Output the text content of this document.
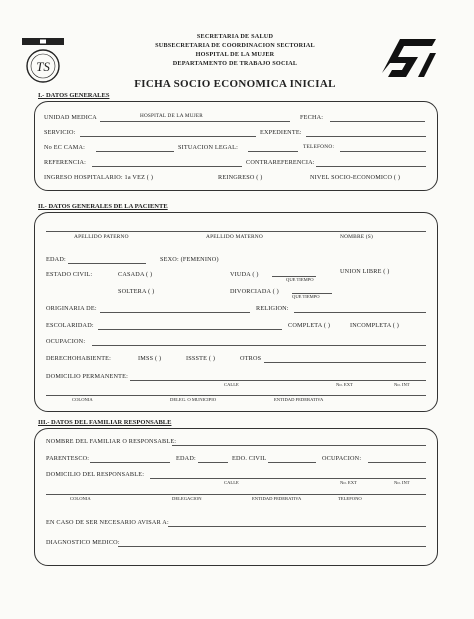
TS
SECRETARIA DE SALUD
SUBSECRETARIA DE COORDINACION SECTORIAL
HOSPITAL DE LA MUJER
DEPARTAMENTO DE TRABAJO SOCIAL
FICHA SOCIO ECONOMICA INICIAL
I.- DATOS GENERALES
UNIDAD MEDICA	HOSPITAL DE LA MUJER	FECHA:
SERVICIO:	EXPEDIENTE:
No EC CAMA:	SITUACION LEGAL:	TELEFONO:
REFERENCIA:	CONTRAREFERENCIA:
INGRESO HOSPITALARIO: 1a VEZ ( )	REINGRESO ( )	NIVEL SOCIO-ECONOMICO ( )
II.- DATOS GENERALES DE LA PACIENTE
APELLIDO PATERNO	APELLIDO MATERNO	NOMBRE (S)
EDAD:	SEXO: (FEMENINO)
ESTADO CIVIL:	CASADA ( )	VIUDA ( )
QUE TIEMPO
UNION LIBRE ( )
SOLTERA ( )	DIVORCIADA ( )
QUE TIEMPO
ORIGINARIA DE:	RELIGION:
ESCOLARIDAD:	COMPLETA ( )	INCOMPLETA ( )
OCUPACION:
DERECHOHABIENTE:	IMSS ( )	ISSSTE ( )	OTROS
DOMICILIO PERMANENTE:
CALLE	No. EXT	No. INT
COLONIA	DELEG. O MUNICIPIO	ENTIDAD FEDERATIVA
III.- DATOS DEL FAMILIAR RESPONSABLE
NOMBRE DEL FAMILIAR O RESPONSABLE:
PARENTESCO:	EDAD:	EDO. CIVIL	OCUPACION:
DOMICILIO DEL RESPONSABLE:
CALLE	No. EXT	No. INT
COLONIA	DELEGACION	ENTIDAD FEDERATIVA	TELEFONO
EN CASO DE SER NECESARIO AVISAR A:
DIAGNOSTICO MEDICO:
